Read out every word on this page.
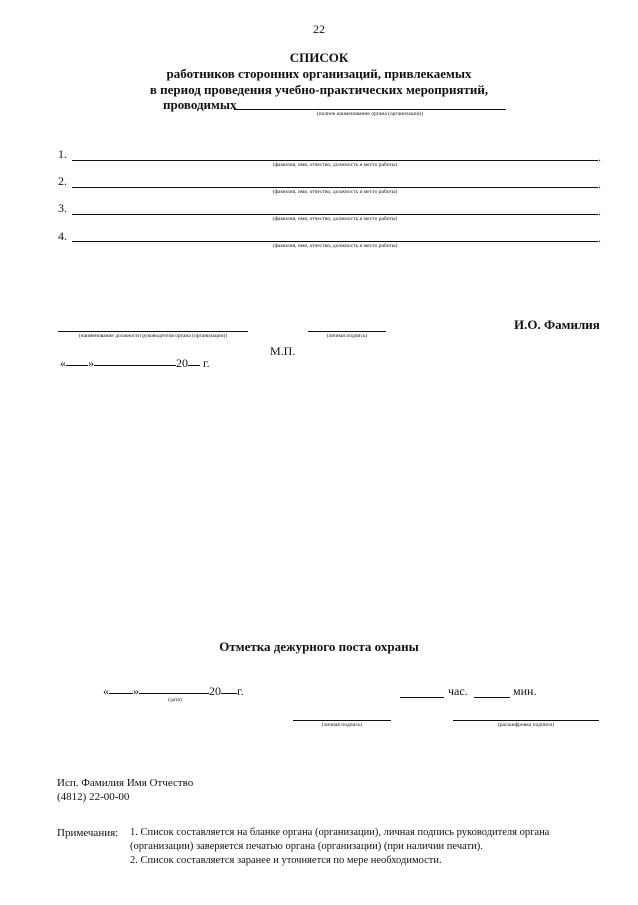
22
СПИСОК
работников сторонних организаций, привлекаемых
в период проведения учебно-практических мероприятий,
проводимых
(полное наименование органа (организации))
1.	.
(фамилия, имя, отчество, должность и место работы)
2.	.
(фамилия, имя, отчество, должность и место работы)
3.	.
(фамилия, имя, отчество, должность и место работы)
4.	.
(фамилия, имя, отчество, должность и место работы)
(наименование должности руководителя органа (организации))	(личная подпись)
И.О. Фамилия
М.П.
« »	20 г.
Отметка дежурного поста охраны
« »	20 г.
(дата)
час.	мин.
(личная подпись)	(расшифровка подписи)
Исп. Фамилия Имя Отчество
(4812) 22-00-00
Примечания: 1. Список составляется на бланке органа (организации), личная подпись руководителя органа
(организации) заверяется печатью органа (организации) (при наличии печати).
2. Список составляется заранее и уточняется по мере необходимости.
